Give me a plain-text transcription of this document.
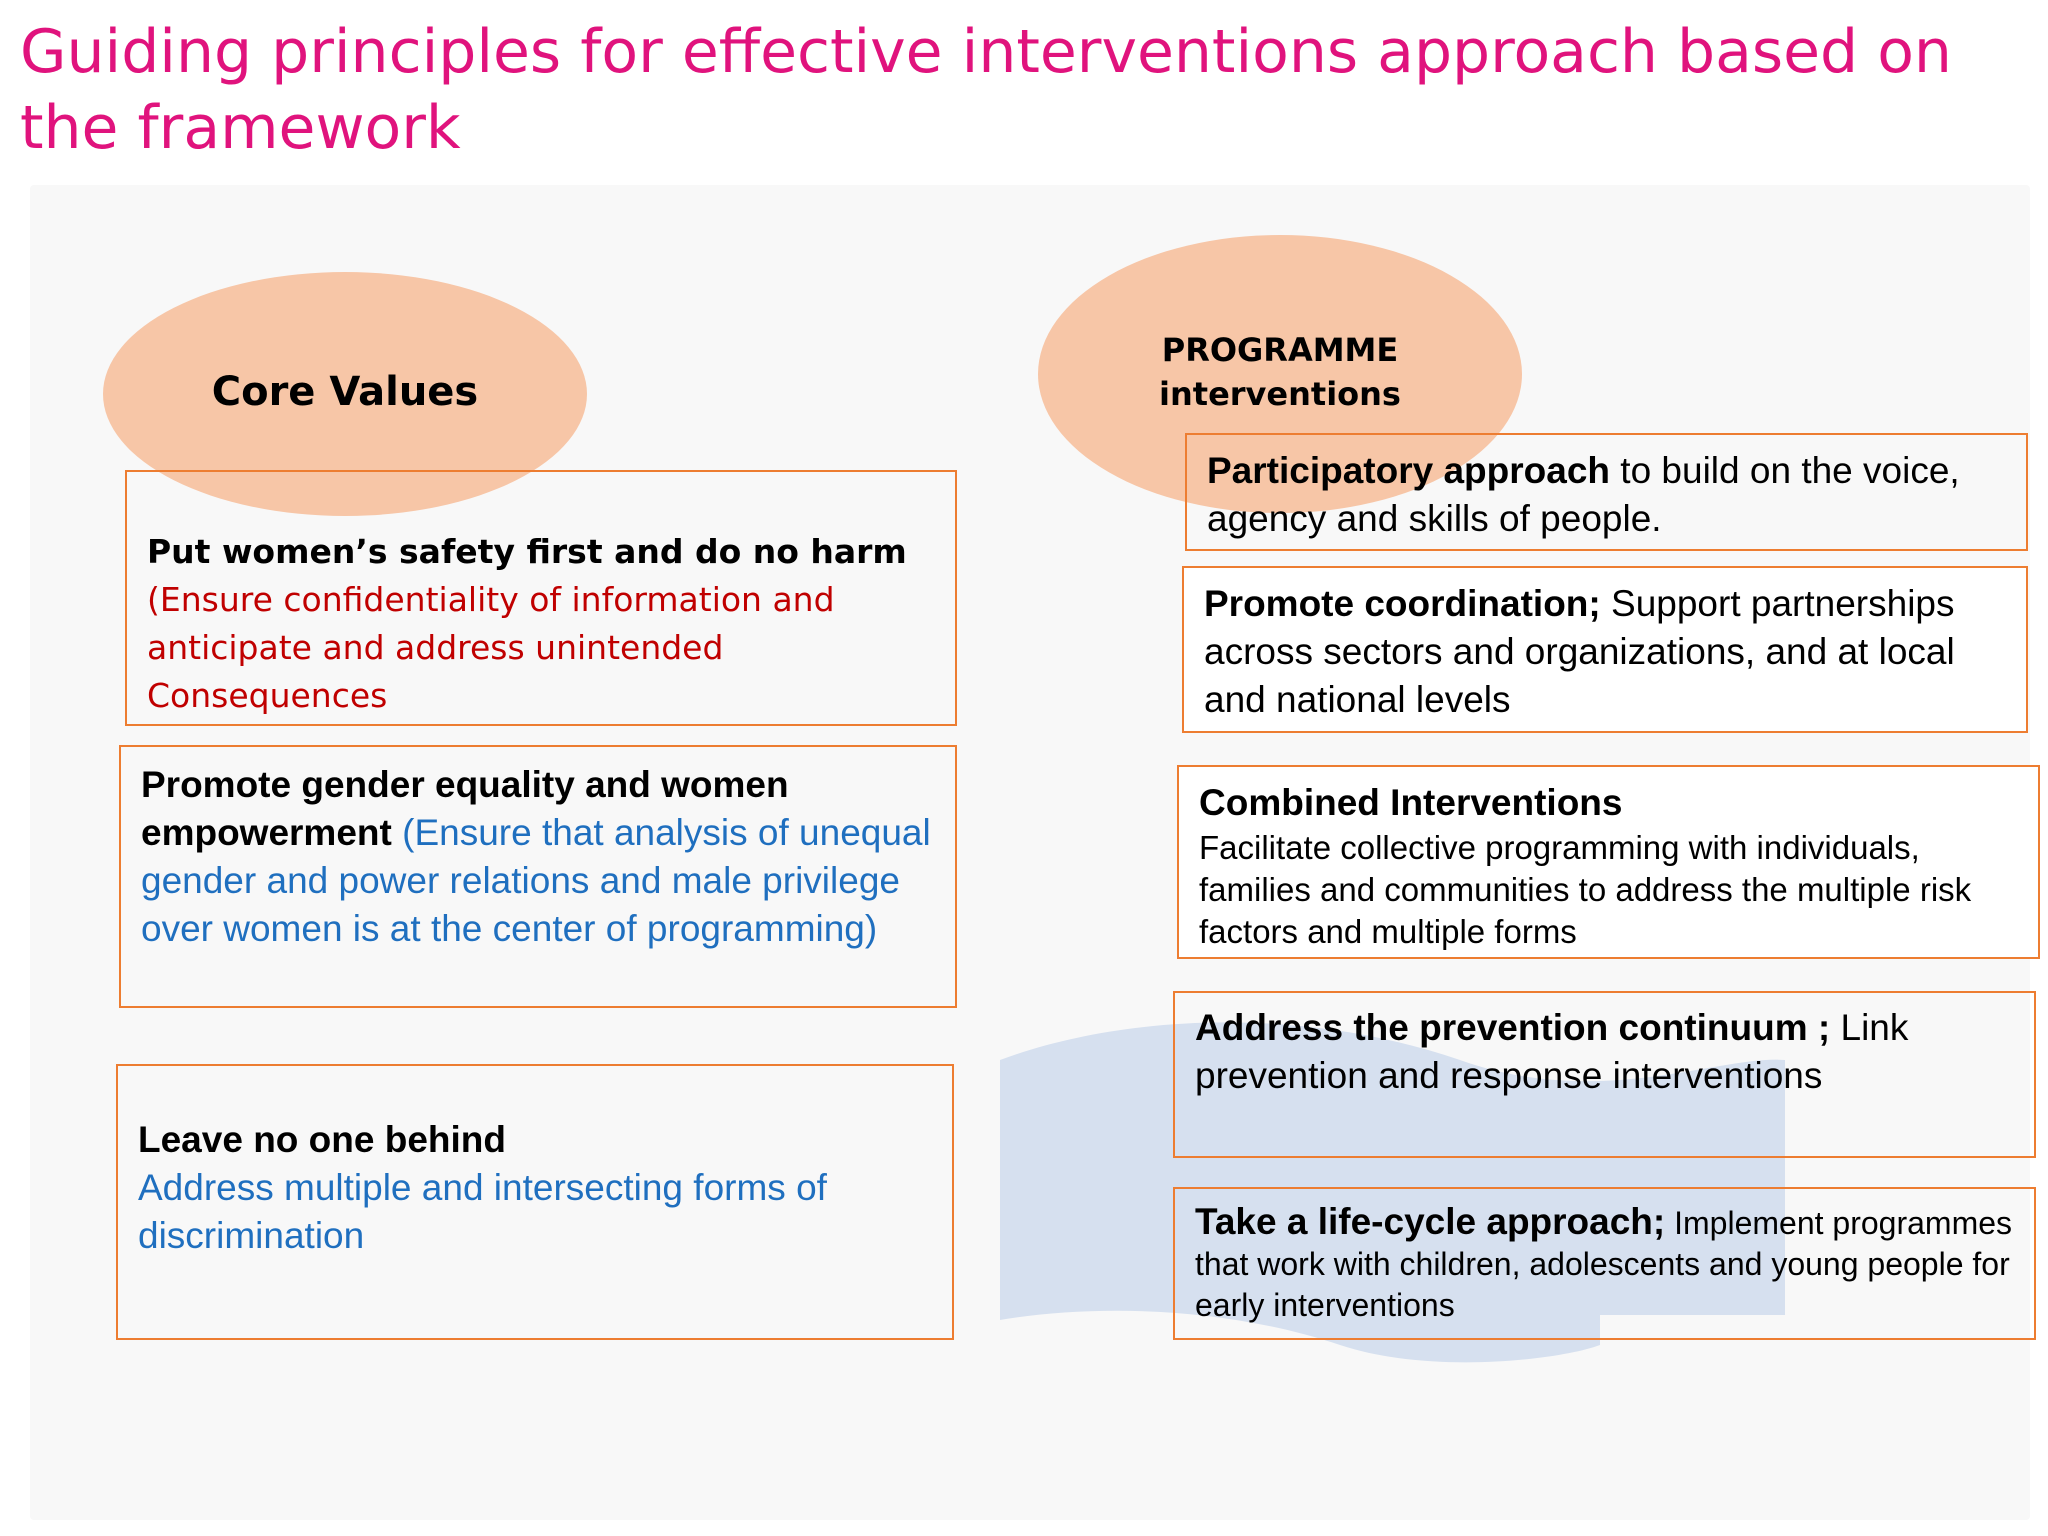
Guiding principles for effective interventions approach based on the framework
Core Values
PROGRAMME
interventions
Put women’s safety first and do no harm

(Ensure confidentiality of information and anticipate and address unintended Consequences
Promote gender equality and women empowerment (Ensure that analysis of unequal gender and power relations and male privilege over women is at the center of programming)
Leave no one behind
Address multiple and intersecting forms of discrimination
Participatory approach to build on the voice, agency and skills of people.
Promote coordination; Support partnerships across sectors and organizations, and at local and national levels
Combined Interventions
Facilitate collective programming with individuals, families and communities to address the multiple risk factors and multiple forms
Address the prevention continuum ; Link prevention and response interventions
Take a life-cycle approach; Implement programmes that work with children, adolescents and young people for early interventions
